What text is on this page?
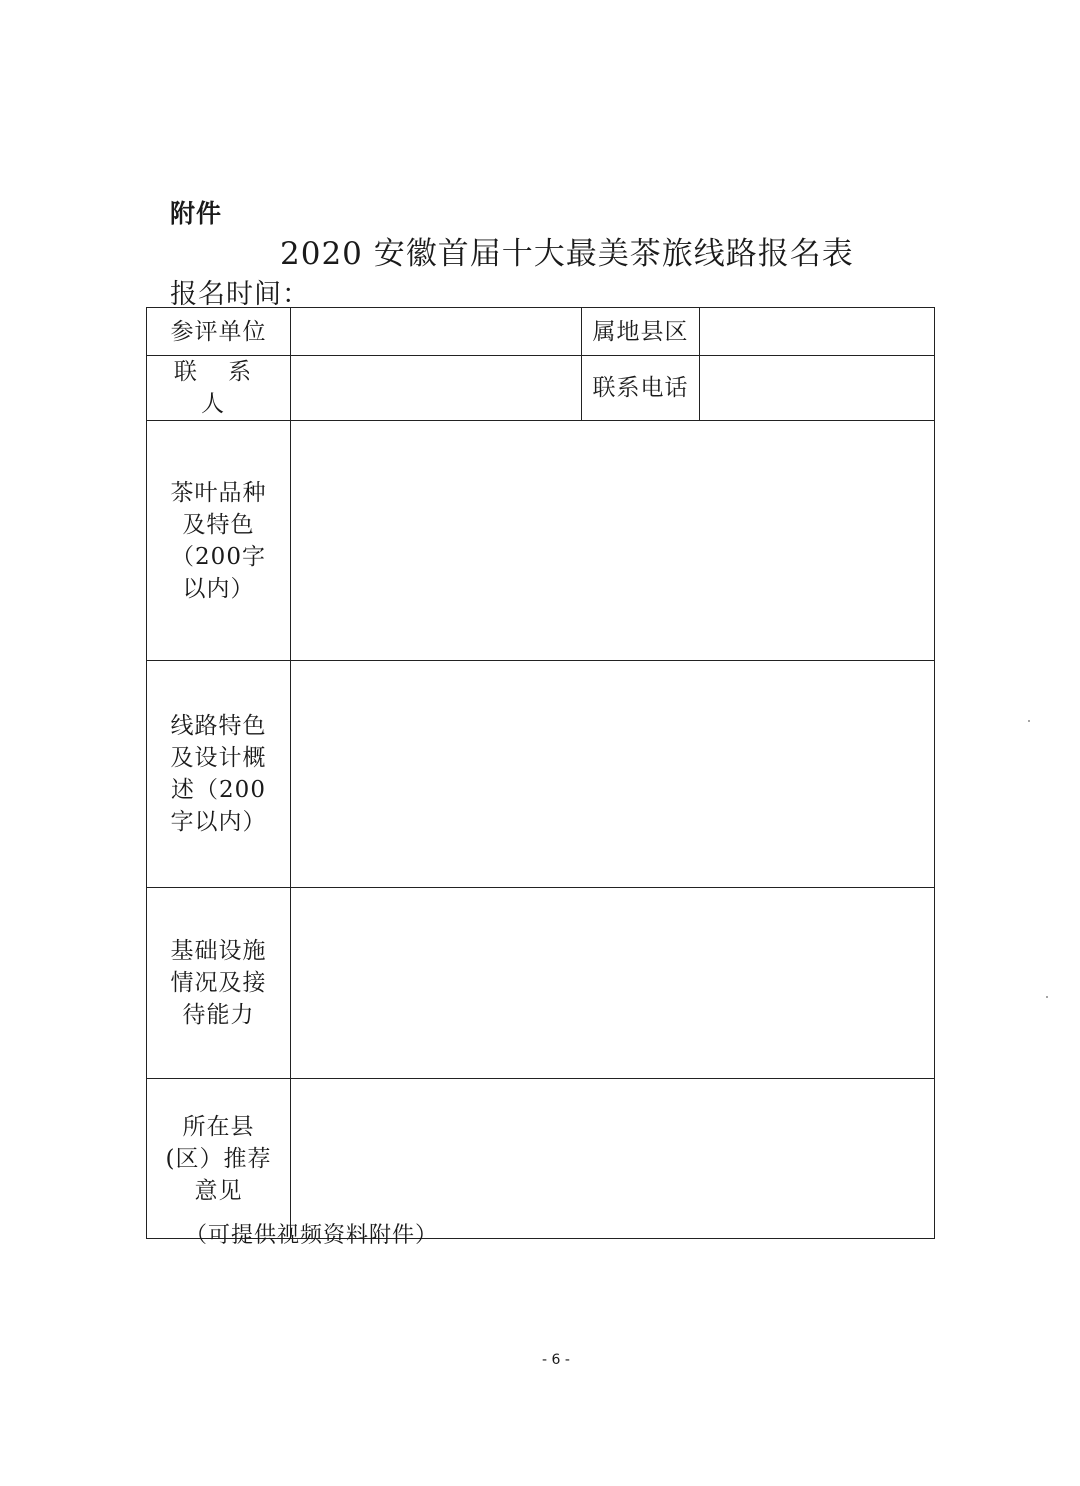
附件
2020 安徽首届十大最美茶旅线路报名表
报名时间：
参评单位		属地县区	
联 系 人		联系电话	
茶叶品种及特色（200字以内）			
线路特色及设计概述（200字以内）			
基础设施情况及接待能力			
所在县(区）推荐意见			
（可提供视频资料附件）
- 6 -
